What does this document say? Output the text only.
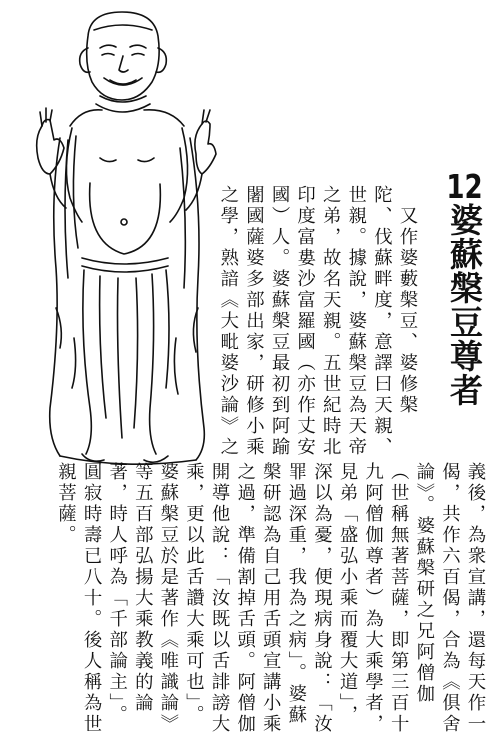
12婆蘇槃豆尊者
　又作婆藪槃豆、婆修槃
陀、伐蘇畔度，意譯曰天親、
世親。據說，婆蘇槃豆為天帝
之弟，故名天親。五世紀時北
印度富婁沙富羅國（亦作丈安
國）人。婆蘇槃豆最初到阿踰
闍國薩婆多部出家，研修小乘
之學，熟諳《大毗婆沙論》之
義後，為衆宣講，還每天作一
偈，共作六百偈，合為《俱舍
論》。婆蘇槃研之兄阿僧伽
（世稱無著菩薩，即第三百十
九阿僧伽尊者）為大乘學者，
見弟「盛弘小乘而覆大道」，
深以為憂，便現病身說：「汝
罪過深重，我為之病」。婆蘇
槃研認為自己用舌頭宣講小乘
之過，準備割掉舌頭。阿僧伽
開導他說：「汝既以舌誹謗大
乘，更以此舌讚大乘可也」。
婆蘇槃豆於是著作《唯識論》
等五百部弘揚大乘教義的論
著，時人呼為「千部論主」。
圓寂時壽已八十。後人稱為世
親菩薩。
